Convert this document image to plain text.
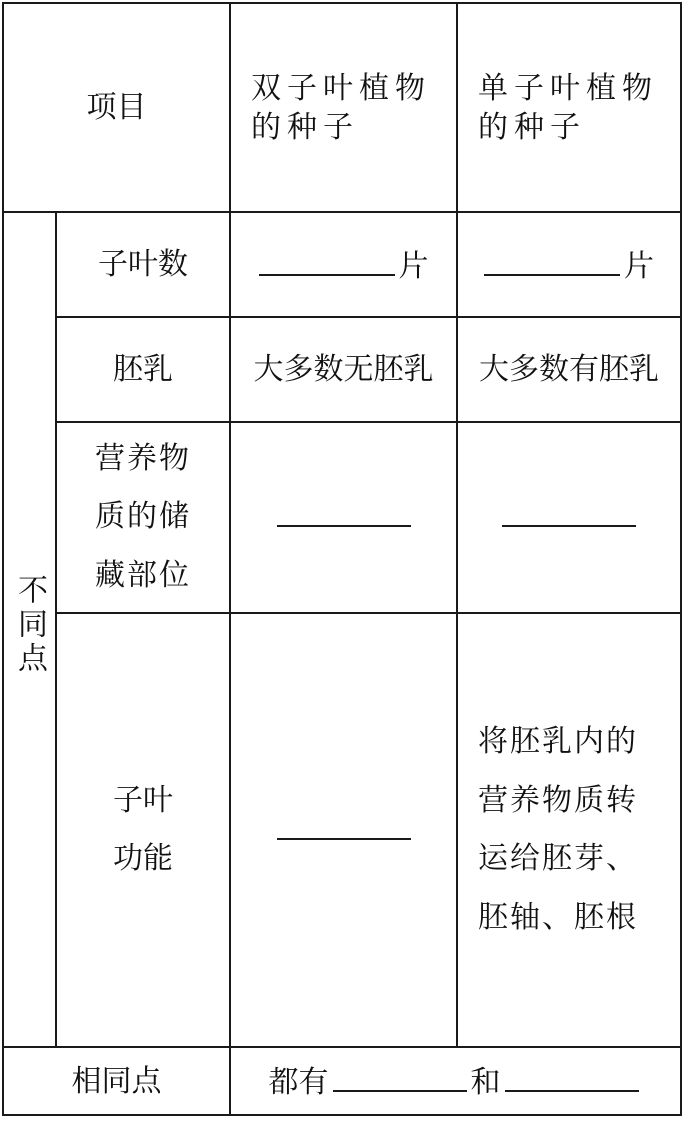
项目		双子叶植物的种子	单子叶植物的种子

不同点	子叶数	片	片
	胚乳	大多数无胚乳	大多数有胚乳

	营养物质的储藏部位		

	子叶功能		将胚乳内的营养物质转运给胚芽、胚轴、胚根

相同点		都有 和	
